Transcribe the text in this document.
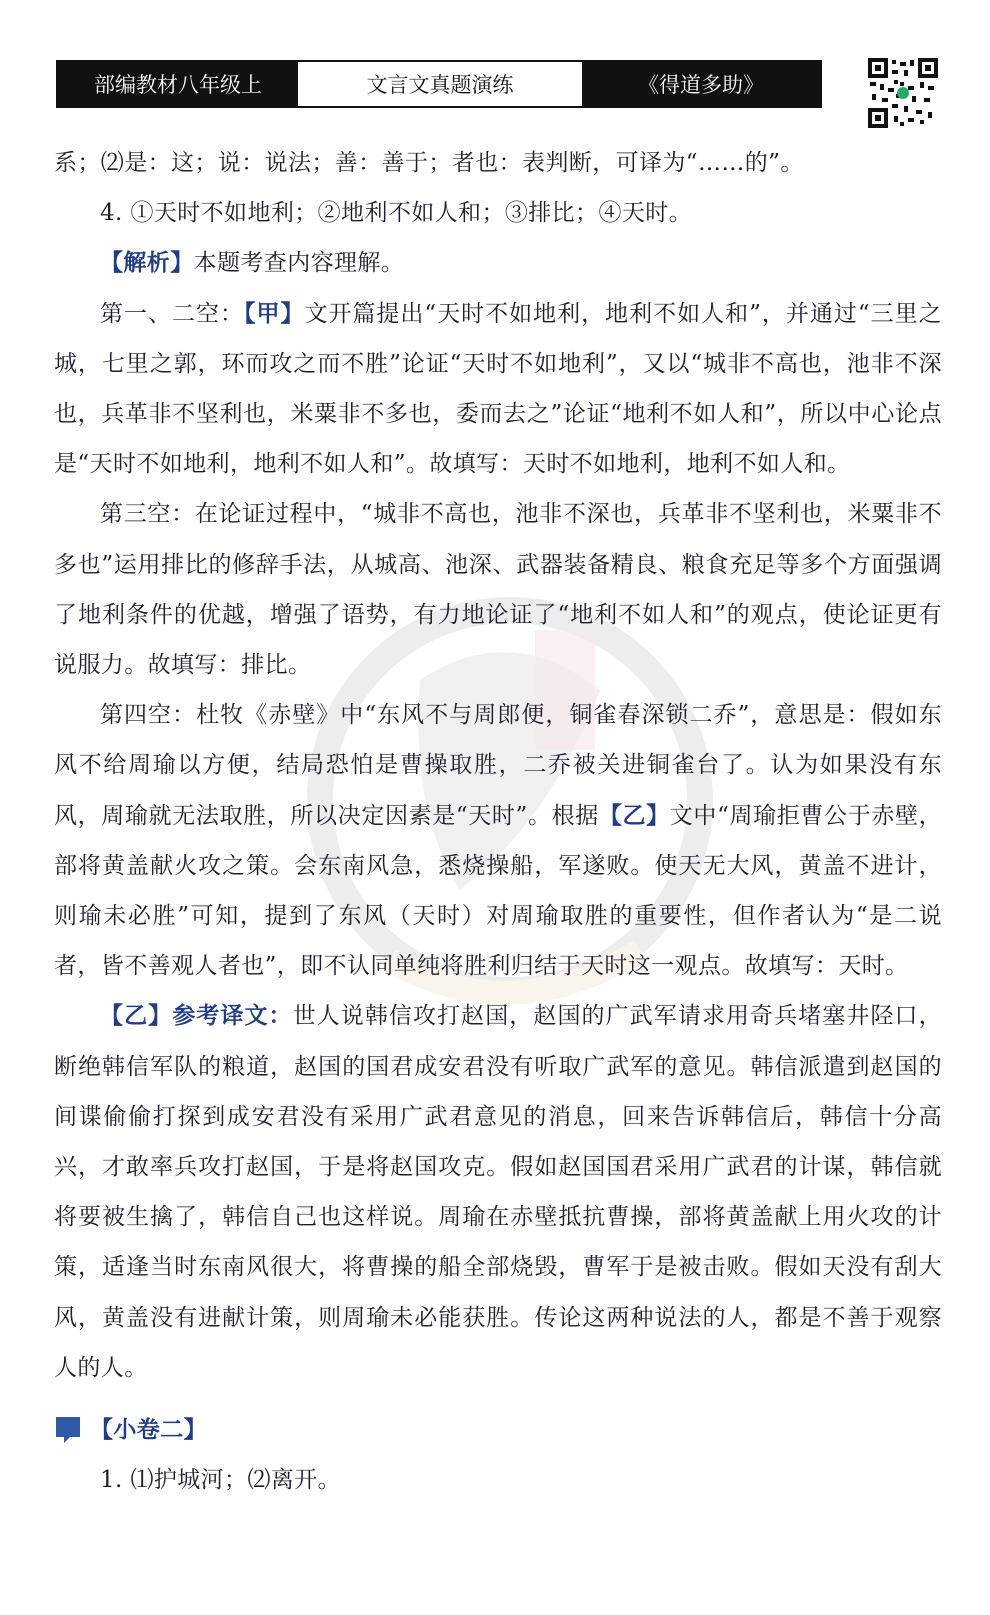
部编教材八年级上	文言文真题演练	《得道多助》

系；⑵是：这；说：说法；善：善于；者也：表判断，可译为“……的”。

4. ①天时不如地利；②地利不如人和；③排比；④天时。

【解析】本题考查内容理解。

第一、二空：【甲】文开篇提出“天时不如地利，地利不如人和”，并通过“三里之城，七里之郭，环而攻之而不胜”论证“天时不如地利”，又以“城非不高也，池非不深也，兵革非不坚利也，米粟非不多也，委而去之”论证“地利不如人和”，所以中心论点是“天时不如地利，地利不如人和”。故填写：天时不如地利，地利不如人和。

第三空：在论证过程中，“城非不高也，池非不深也，兵革非不坚利也，米粟非不多也”运用排比的修辞手法，从城高、池深、武器装备精良、粮食充足等多个方面强调了地利条件的优越，增强了语势，有力地论证了“地利不如人和”的观点，使论证更有说服力。故填写：排比。

第四空：杜牧《赤壁》中“东风不与周郎便，铜雀春深锁二乔”，意思是：假如东风不给周瑜以方便，结局恐怕是曹操取胜，二乔被关进铜雀台了。认为如果没有东风，周瑜就无法取胜，所以决定因素是“天时”。根据【乙】文中“周瑜拒曹公于赤壁，部将黄盖献火攻之策。会东南风急，悉烧操船，军遂败。使天无大风，黄盖不进计，则瑜未必胜”可知，提到了东风（天时）对周瑜取胜的重要性，但作者认为“是二说者，皆不善观人者也”，即不认同单纯将胜利归结于天时这一观点。故填写：天时。

【乙】参考译文：世人说韩信攻打赵国，赵国的广武军请求用奇兵堵塞井陉口，断绝韩信军队的粮道，赵国的国君成安君没有听取广武军的意见。韩信派遣到赵国的间谍偷偷打探到成安君没有采用广武君意见的消息，回来告诉韩信后，韩信十分高兴，才敢率兵攻打赵国，于是将赵国攻克。假如赵国国君采用广武君的计谋，韩信就将要被生擒了，韩信自己也这样说。周瑜在赤壁抵抗曹操，部将黄盖献上用火攻的计策，适逢当时东南风很大，将曹操的船全部烧毁，曹军于是被击败。假如天没有刮大风，黄盖没有进献计策，则周瑜未必能获胜。传论这两种说法的人，都是不善于观察人的人。

【小卷二】

1. ⑴护城河；⑵离开。
